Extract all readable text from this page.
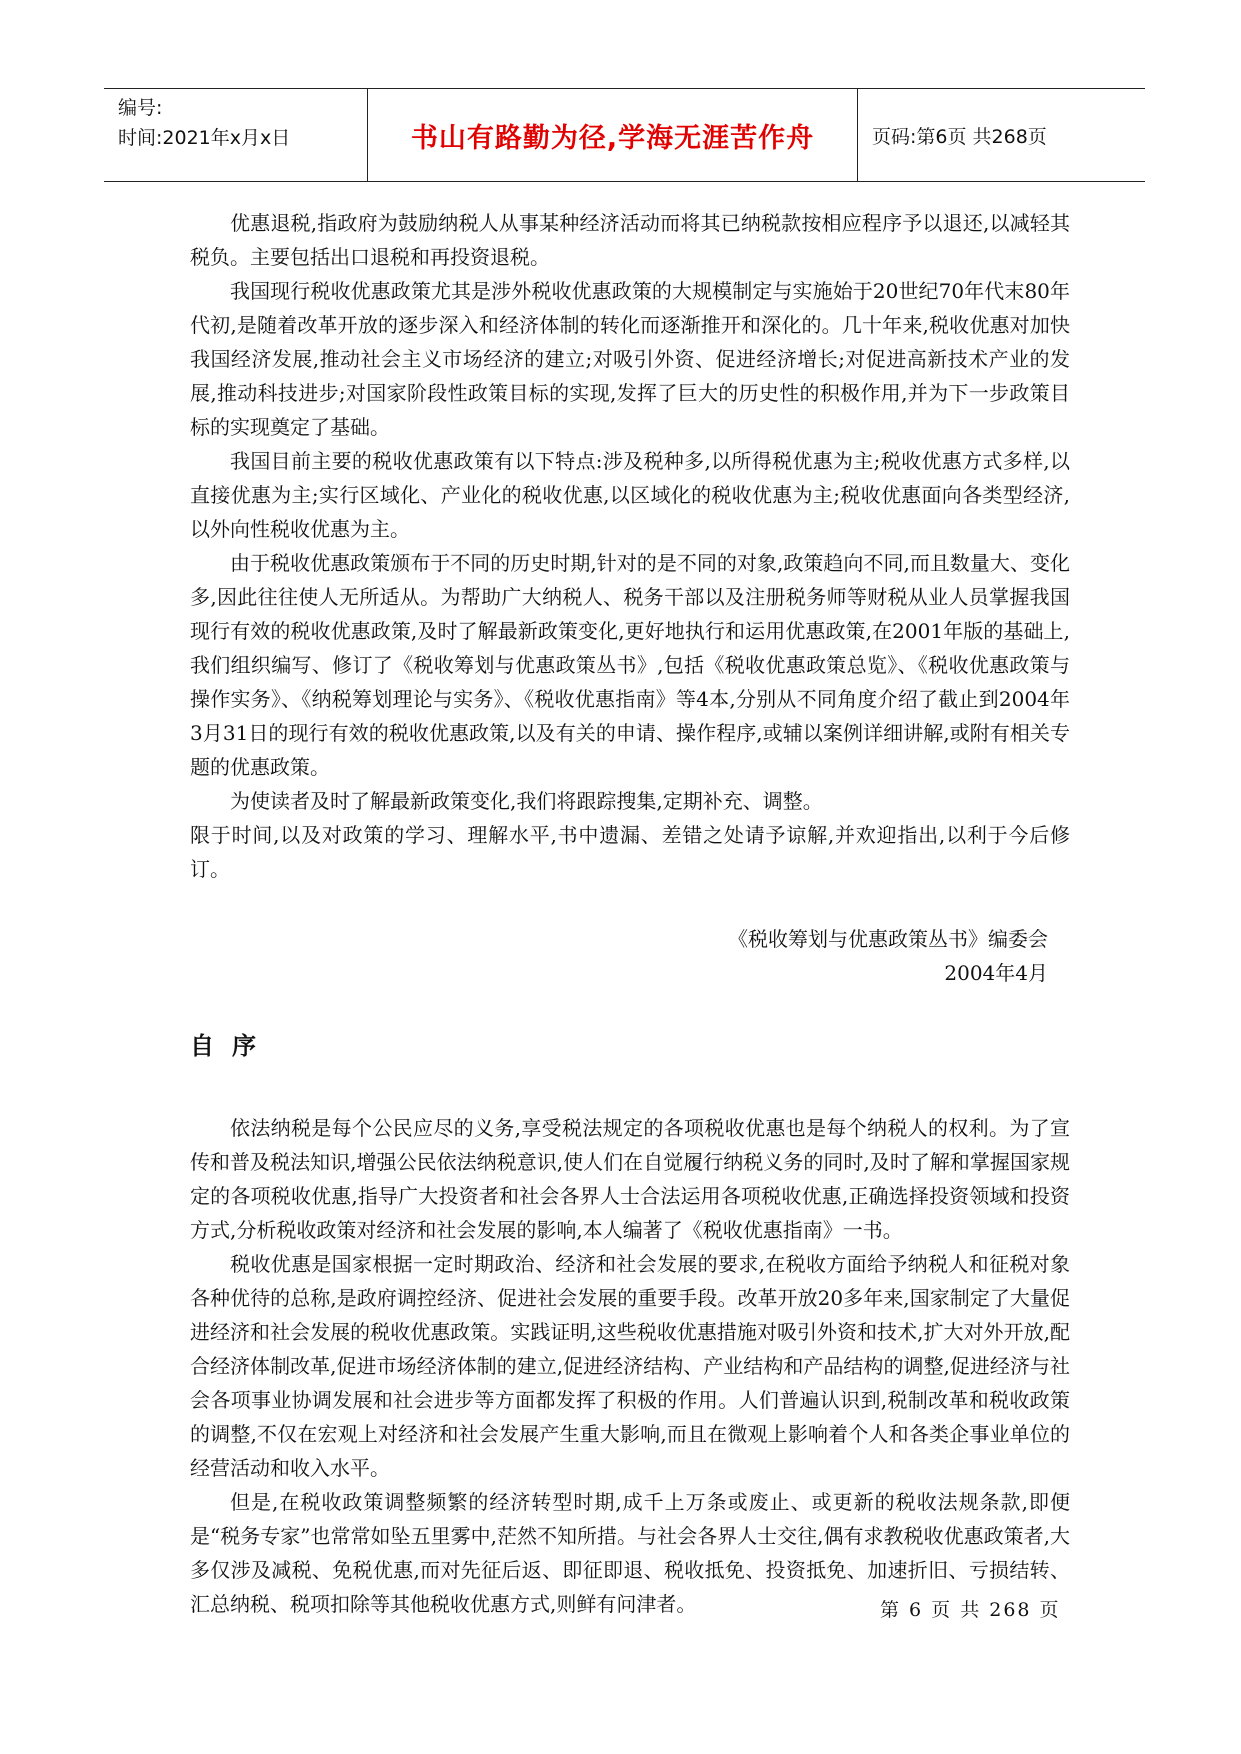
编号:
时间:2021年x月x日	书山有路勤为径,学海无涯苦作舟	页码:第6页 共268页

优惠退税,指政府为鼓励纳税人从事某种经济活动而将其已纳税款按相应程序予以退还,以减轻其税负。主要包括出口退税和再投资退税。

我国现行税收优惠政策尤其是涉外税收优惠政策的大规模制定与实施始于20世纪70年代末80年代初,是随着改革开放的逐步深入和经济体制的转化而逐渐推开和深化的。几十年来,税收优惠对加快我国经济发展,推动社会主义市场经济的建立;对吸引外资、促进经济增长;对促进高新技术产业的发展,推动科技进步;对国家阶段性政策目标的实现,发挥了巨大的历史性的积极作用,并为下一步政策目标的实现奠定了基础。

我国目前主要的税收优惠政策有以下特点:涉及税种多,以所得税优惠为主;税收优惠方式多样,以直接优惠为主;实行区域化、产业化的税收优惠,以区域化的税收优惠为主;税收优惠面向各类型经济,以外向性税收优惠为主。

由于税收优惠政策颁布于不同的历史时期,针对的是不同的对象,政策趋向不同,而且数量大、变化多,因此往往使人无所适从。为帮助广大纳税人、税务干部以及注册税务师等财税从业人员掌握我国现行有效的税收优惠政策,及时了解最新政策变化,更好地执行和运用优惠政策,在2001年版的基础上,我们组织编写、修订了《税收筹划与优惠政策丛书》,包括《税收优惠政策总览》、《税收优惠政策与操作实务》、《纳税筹划理论与实务》、《税收优惠指南》等4本,分别从不同角度介绍了截止到2004年3月31日的现行有效的税收优惠政策,以及有关的申请、操作程序,或辅以案例详细讲解,或附有相关专题的优惠政策。

为使读者及时了解最新政策变化,我们将跟踪搜集,定期补充、调整。

限于时间,以及对政策的学习、理解水平,书中遗漏、差错之处请予谅解,并欢迎指出,以利于今后修订。

《税收筹划与优惠政策丛书》编委会

2004年4月

自序

依法纳税是每个公民应尽的义务,享受税法规定的各项税收优惠也是每个纳税人的权利。为了宣传和普及税法知识,增强公民依法纳税意识,使人们在自觉履行纳税义务的同时,及时了解和掌握国家规定的各项税收优惠,指导广大投资者和社会各界人士合法运用各项税收优惠,正确选择投资领域和投资方式,分析税收政策对经济和社会发展的影响,本人编著了《税收优惠指南》一书。

税收优惠是国家根据一定时期政治、经济和社会发展的要求,在税收方面给予纳税人和征税对象各种优待的总称,是政府调控经济、促进社会发展的重要手段。改革开放20多年来,国家制定了大量促进经济和社会发展的税收优惠政策。实践证明,这些税收优惠措施对吸引外资和技术,扩大对外开放,配合经济体制改革,促进市场经济体制的建立,促进经济结构、产业结构和产品结构的调整,促进经济与社会各项事业协调发展和社会进步等方面都发挥了积极的作用。人们普遍认识到,税制改革和税收政策的调整,不仅在宏观上对经济和社会发展产生重大影响,而且在微观上影响着个人和各类企事业单位的经营活动和收入水平。

但是,在税收政策调整频繁的经济转型时期,成千上万条或废止、或更新的税收法规条款,即便是“税务专家”也常常如坠五里雾中,茫然不知所措。与社会各界人士交往,偶有求教税收优惠政策者,大多仅涉及减税、免税优惠,而对先征后返、即征即退、税收抵免、投资抵免、加速折旧、亏损结转、汇总纳税、税项扣除等其他税收优惠方式,则鲜有问津者。	第 6 页 共 268 页
